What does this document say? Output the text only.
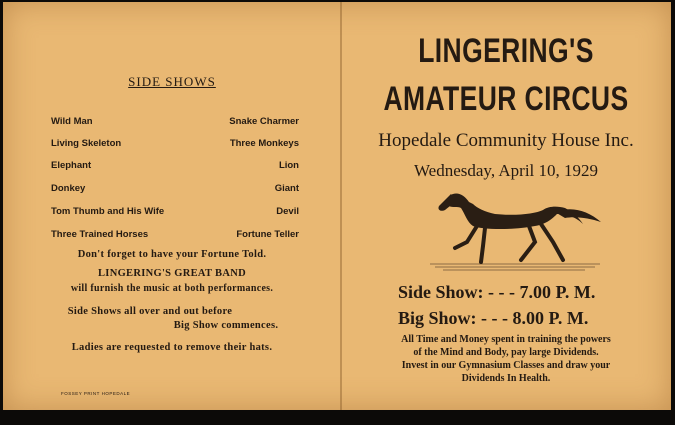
SIDE SHOWS
Wild Man	Snake Charmer
Living Skeleton	Three Monkeys
Elephant	Lion
Donkey	Giant
Tom Thumb and His Wife	Devil
Three Trained Horses	Fortune Teller
Don't forget to have your Fortune Told.
LINGERING'S GREAT BAND
will furnish the music at both performances.
Side Shows all over and out before
Big Show commences.
Ladies are requested to remove their hats.
FOSSEY PRINT HOPEDALE
LINGERING'S
AMATEUR CIRCUS
Hopedale Community House Inc.
Wednesday, April 10, 1929
Side Show: - - - 7.00 P. M.
Big Show: - - - 8.00 P. M.
All Time and Money spent in training the powers
of the Mind and Body, pay large Dividends.
Invest in our Gymnasium Classes and draw your
Dividends In Health.
